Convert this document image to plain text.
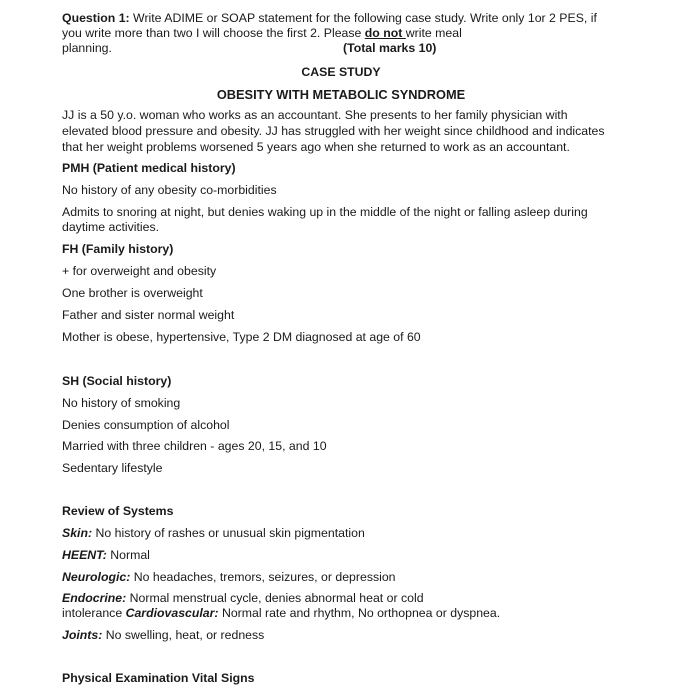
Question 1: Write ADIME or SOAP statement for the following case study. Write only 1or 2 PES, if
you write more than two I will choose the first 2. Please do not write meal
planning.	(Total marks 10)
CASE STUDY
OBESITY WITH METABOLIC SYNDROME
JJ is a 50 y.o. woman who works as an accountant. She presents to her family physician with
elevated blood pressure and obesity. JJ has struggled with her weight since childhood and indicates
that her weight problems worsened 5 years ago when she returned to work as an accountant.
PMH (Patient medical history)
No history of any obesity co-morbidities
Admits to snoring at night, but denies waking up in the middle of the night or falling asleep during
daytime activities.
FH (Family history)
+ for overweight and obesity
One brother is overweight
Father and sister normal weight
Mother is obese, hypertensive, Type 2 DM diagnosed at age of 60
SH (Social history)
No history of smoking
Denies consumption of alcohol
Married with three children - ages 20, 15, and 10
Sedentary lifestyle
Review of Systems
Skin: No history of rashes or unusual skin pigmentation
HEENT: Normal
Neurologic: No headaches, tremors, seizures, or depression
Endocrine: Normal menstrual cycle, denies abnormal heat or cold
intolerance Cardiovascular: Normal rate and rhythm, No orthopnea or dyspnea.
Joints: No swelling, heat, or redness
Physical Examination Vital Signs
